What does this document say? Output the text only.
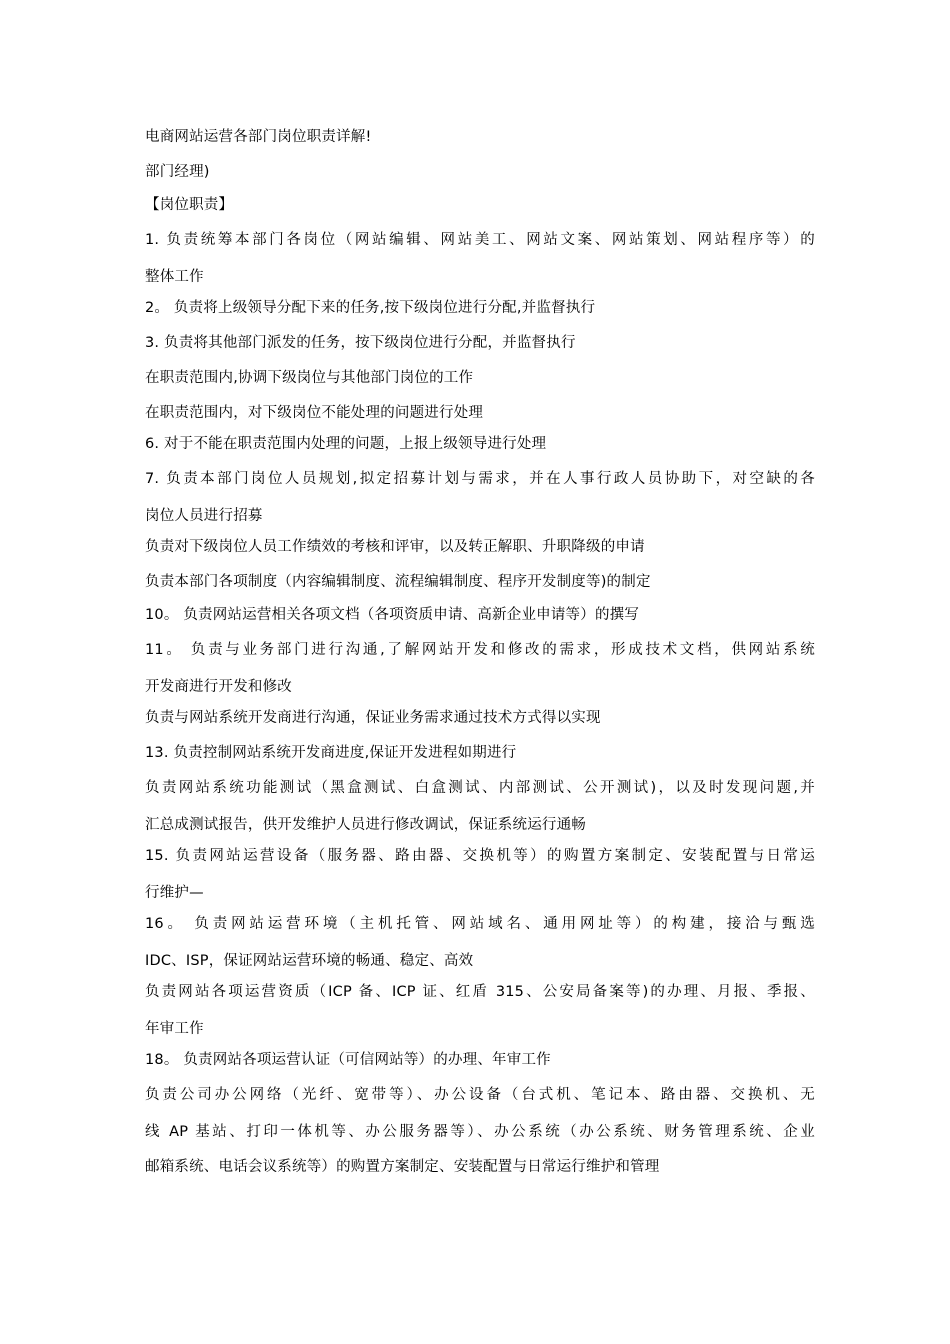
电商网站运营各部门岗位职责详解!
部门经理)
【岗位职责】
1. 负责统筹本部门各岗位（网站编辑、网站美工、网站文案、网站策划、网站程序等）的
整体工作
2。 负责将上级领导分配下来的任务,按下级岗位进行分配,并监督执行
3. 负责将其他部门派发的任务，按下级岗位进行分配，并监督执行
在职责范围内,协调下级岗位与其他部门岗位的工作
在职责范围内，对下级岗位不能处理的问题进行处理
6. 对于不能在职责范围内处理的问题，上报上级领导进行处理
7. 负责本部门岗位人员规划,拟定招募计划与需求，并在人事行政人员协助下，对空缺的各
岗位人员进行招募
负责对下级岗位人员工作绩效的考核和评审，以及转正解职、升职降级的申请
负责本部门各项制度（内容编辑制度、流程编辑制度、程序开发制度等)的制定
10。 负责网站运营相关各项文档（各项资质申请、高新企业申请等）的撰写
11。 负责与业务部门进行沟通,了解网站开发和修改的需求，形成技术文档，供网站系统
开发商进行开发和修改
负责与网站系统开发商进行沟通，保证业务需求通过技术方式得以实现
13. 负责控制网站系统开发商进度,保证开发进程如期进行
负责网站系统功能测试（黑盒测试、白盒测试、内部测试、公开测试)，以及时发现问题,并
汇总成测试报告，供开发维护人员进行修改调试，保证系统运行通畅
15. 负责网站运营设备（服务器、路由器、交换机等）的购置方案制定、安装配置与日常运
行维护—
16。 负责网站运营环境（主机托管、网站域名、通用网址等）的构建，接洽与甄选
IDC、ISP，保证网站运营环境的畅通、稳定、高效
负责网站各项运营资质（ICP 备、ICP 证、红盾 315、公安局备案等)的办理、月报、季报、
年审工作
18。 负责网站各项运营认证（可信网站等）的办理、年审工作
负责公司办公网络（光纤、宽带等）、办公设备（台式机、笔记本、路由器、交换机、无
线 AP 基站、打印一体机等、办公服务器等）、办公系统（办公系统、财务管理系统、企业
邮箱系统、电话会议系统等）的购置方案制定、安装配置与日常运行维护和管理
